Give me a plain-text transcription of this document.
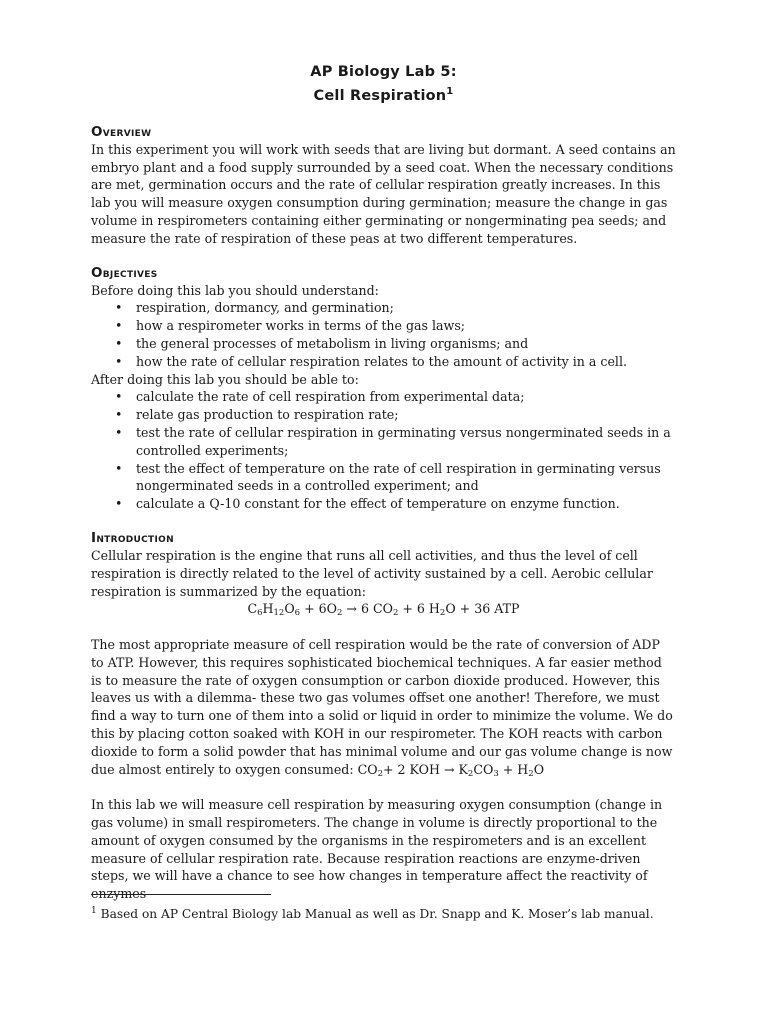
AP Biology Lab 5:
Cell Respiration$^1$
Overview

In this experiment you will work with seeds that are living but dormant. A seed contains an embryo plant and a food supply surrounded by a seed coat. When the necessary conditions are met, germination occurs and the rate of cellular respiration greatly increases. In this lab you will measure oxygen consumption during germination; measure the change in gas volume in respirometers containing either germinating or nongerminating pea seeds; and measure the rate of respiration of these peas at two different temperatures.

Objectives

Before doing this lab you should understand:

• respiration, dormancy, and germination;
• how a respirometer works in terms of the gas laws;
• the general processes of metabolism in living organisms; and
• how the rate of cellular respiration relates to the amount of activity in a cell.

After doing this lab you should be able to:

• calculate the rate of cell respiration from experimental data;
• relate gas production to respiration rate;
• test the rate of cellular respiration in germinating versus nongerminated seeds in a controlled experiments;
• test the effect of temperature on the rate of cell respiration in germinating versus nongerminated seeds in a controlled experiment; and
• calculate a Q-10 constant for the effect of temperature on enzyme function.
Introduction

Cellular respiration is the engine that runs all cell activities, and thus the level of cell respiration is directly related to the level of activity sustained by a cell. Aerobic cellular respiration is summarized by the equation:

$C_6H_{12}O_6 + 6O_2 \to 6$ $CO_2 + 6$ $H_2O + 36$ ATP

The most appropriate measure of cell respiration would be the rate of conversion of ADP to ATP. However, this requires sophisticated biochemical techniques. A far easier method is to measure the rate of oxygen consumption or carbon dioxide produced. However, this leaves us with a dilemma- these two gas volumes offset one another! Therefore, we must find a way to turn one of them into a solid or liquid in order to minimize the volume. We do this by placing cotton soaked with KOH in our respirometer. The KOH reacts with carbon dioxide to form a solid powder that has minimal volume and our gas volume change is now due almost entirely to oxygen consumed: $CO_2+ 2$ KOH → $K_2CO_3 + H_2O$

In this lab we will measure cell respiration by measuring oxygen consumption (change in gas volume) in small respirometers. The change in volume is directly proportional to the amount of oxygen consumed by the organisms in the respirometers and is an excellent measure of cellular respiration rate. Because respiration reactions are enzyme-driven steps, we will have a chance to see how changes in temperature affect the reactivity of enzymes

$^1$ Based on AP Central Biology lab Manual as well as Dr. Snapp and K. Moser’s lab manual.
